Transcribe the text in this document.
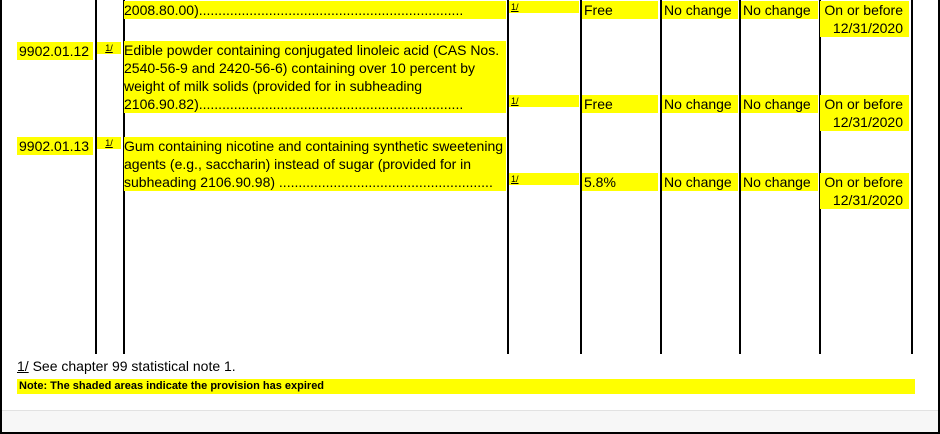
2008.80.00)....................................................................	1/	Free	No change No change On or before
12/31/2020
9902.01.12	1/ Edible powder containing conjugated linoleic acid (CAS Nos.
2540-56-9 and 2420-56-6) containing over 10 percent by
weight of milk solids (provided for in subheading
2106.90.82)....................................................................	1/	Free	No change No change On or before
12/31/2020
9902.01.13	1/ Gum containing nicotine and containing synthetic sweetening
agents (e.g., saccharin) instead of sugar (provided for in
subheading 2106.90.98) .......................................................	1/	5.8%	No change No change On or before
12/31/2020
1/ See chapter 99 statistical note 1.
Note: The shaded areas indicate the provision has expired
